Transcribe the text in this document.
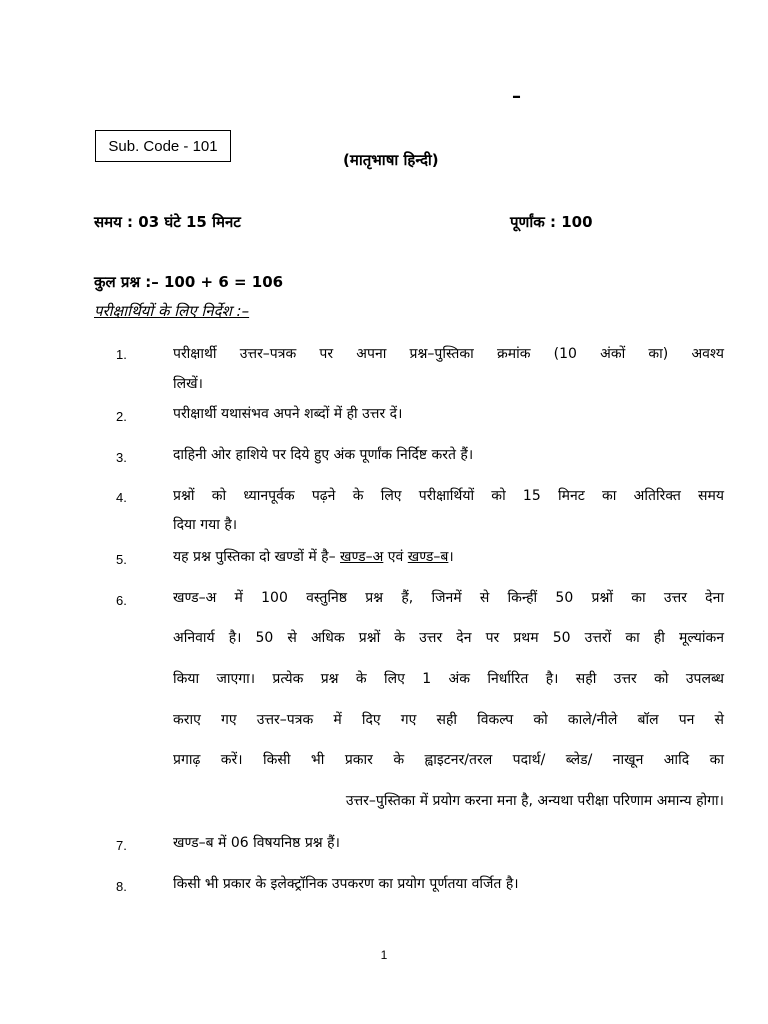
–
Sub. Code - 101
(मातृभाषा हिन्दी)
समय : 03 घंटे 15 मिनट	पूर्णांक : 100
कुल प्रश्न :– 100 + 6 = 106
परीक्षार्थियों के लिए निर्देश :–
1.	परीक्षार्थी उत्तर–पत्रक पर अपना प्रश्न–पुस्तिका क्रमांक (10 अंकों का) अवश्य
लिखें।
2.	परीक्षार्थी यथासंभव अपने शब्दों में ही उत्तर दें।
3.	दाहिनी ओर हाशिये पर दिये हुए अंक पूर्णांक निर्दिष्ट करते हैं।
4.	प्रश्नों को ध्यानपूर्वक पढ़ने के लिए परीक्षार्थियों को 15 मिनट का अतिरिक्त समय
दिया गया है।
5.	यह प्रश्न पुस्तिका दो खण्डों में है– खण्ड–अ एवं खण्ड–ब।
6.	खण्ड–अ में 100 वस्तुनिष्ठ प्रश्न हैं, जिनमें से किन्हीं 50 प्रश्नों का उत्तर देना
अनिवार्य है। 50 से अधिक प्रश्नों के उत्तर देन पर प्रथम 50 उत्तरों का ही मूल्यांकन
किया जाएगा। प्रत्येक प्रश्न के लिए 1 अंक निर्धारित है। सही उत्तर को उपलब्ध
कराए गए उत्तर–पत्रक में दिए गए सही विकल्प को काले/नीले बॉल पन से
प्रगाढ़ करें। किसी भी प्रकार के ह्वाइटनर/तरल पदार्थ/ ब्लेड/ नाखून आदि का
उत्तर–पुस्तिका में प्रयोग करना मना है, अन्यथा परीक्षा परिणाम अमान्य होगा।
7.	खण्ड–ब में 06 विषयनिष्ठ प्रश्न हैं।
8.	किसी भी प्रकार के इलेक्ट्रॉनिक उपकरण का प्रयोग पूर्णतया वर्जित है।
1
